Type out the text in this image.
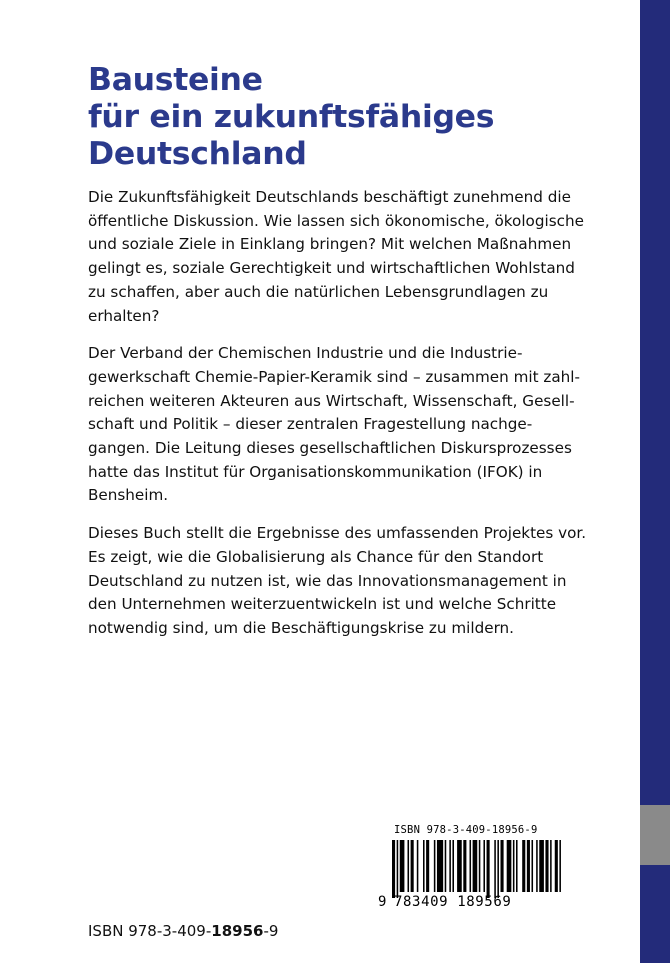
Bausteine
für ein zukunftsfähiges
Deutschland
Die Zukunftsfähigkeit Deutschlands beschäftigt zunehmend die
öffentliche Diskussion. Wie lassen sich ökonomische, ökologische
und soziale Ziele in Einklang bringen? Mit welchen Maßnahmen
gelingt es, soziale Gerechtigkeit und wirtschaftlichen Wohlstand
zu schaffen, aber auch die natürlichen Lebensgrundlagen zu
erhalten?
Der Verband der Chemischen Industrie und die Industrie-
gewerkschaft Chemie-Papier-Keramik sind – zusammen mit zahl-
reichen weiteren Akteuren aus Wirtschaft, Wissenschaft, Gesell-
schaft und Politik – dieser zentralen Fragestellung nachge-
gangen. Die Leitung dieses gesellschaftlichen Diskursprozesses
hatte das Institut für Organisationskommunikation (IFOK) in
Bensheim.
Dieses Buch stellt die Ergebnisse des umfassenden Projektes vor.
Es zeigt, wie die Globalisierung als Chance für den Standort
Deutschland zu nutzen ist, wie das Innovationsmanagement in
den Unternehmen weiterzuentwickeln ist und welche Schritte
notwendig sind, um die Beschäftigungskrise zu mildern.
ISBN 978-3-409-18956-9
ISBN 978-3-409-18956-9
9 783409 189569
